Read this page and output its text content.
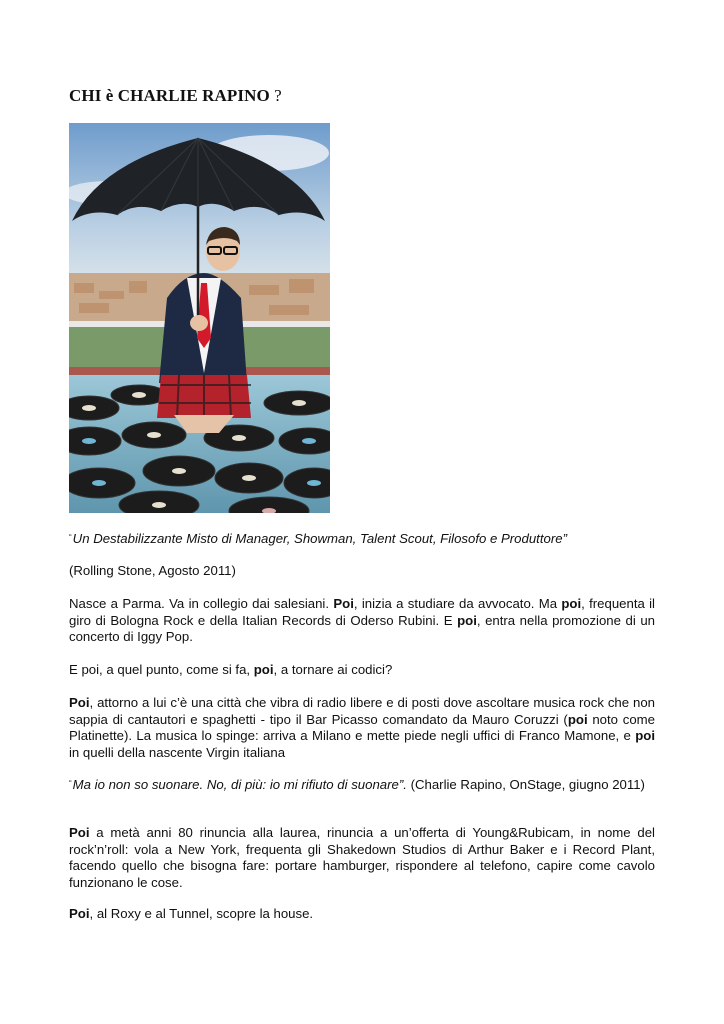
CHI è CHARLIE RAPINO ?

“Un Destabilizzante Misto di Manager, Showman, Talent Scout, Filosofo e Produttore”

(Rolling Stone, Agosto 2011)

Nasce a Parma. Va in collegio dai salesiani. Poi, inizia a studiare da avvocato. Ma poi, frequenta il giro di Bologna Rock e della Italian Records di Oderso Rubini. E poi, entra nella promozione di un concerto di Iggy Pop.

E poi, a quel punto, come si fa, poi, a tornare ai codici?

Poi, attorno a lui c’è una città che vibra di radio libere e di posti dove ascoltare musica rock che non sappia di cantautori e spaghetti - tipo il Bar Picasso comandato da Mauro Coruzzi (poi noto come Platinette). La musica lo spinge: arriva a Milano e mette piede negli uffici di Franco Mamone, e poi in quelli della nascente Virgin italiana

“Ma io non so suonare. No, di più: io mi rifiuto di suonare”. (Charlie Rapino, OnStage, giugno 2011)

Poi a metà anni 80 rinuncia alla laurea, rinuncia a un’offerta di Young&Rubicam, in nome del rock’n’roll: vola a New York, frequenta gli Shakedown Studios di Arthur Baker e i Record Plant, facendo quello che bisogna fare: portare hamburger, rispondere al telefono, capire come cavolo funzionano le cose.

Poi, al Roxy e al Tunnel, scopre la house.
